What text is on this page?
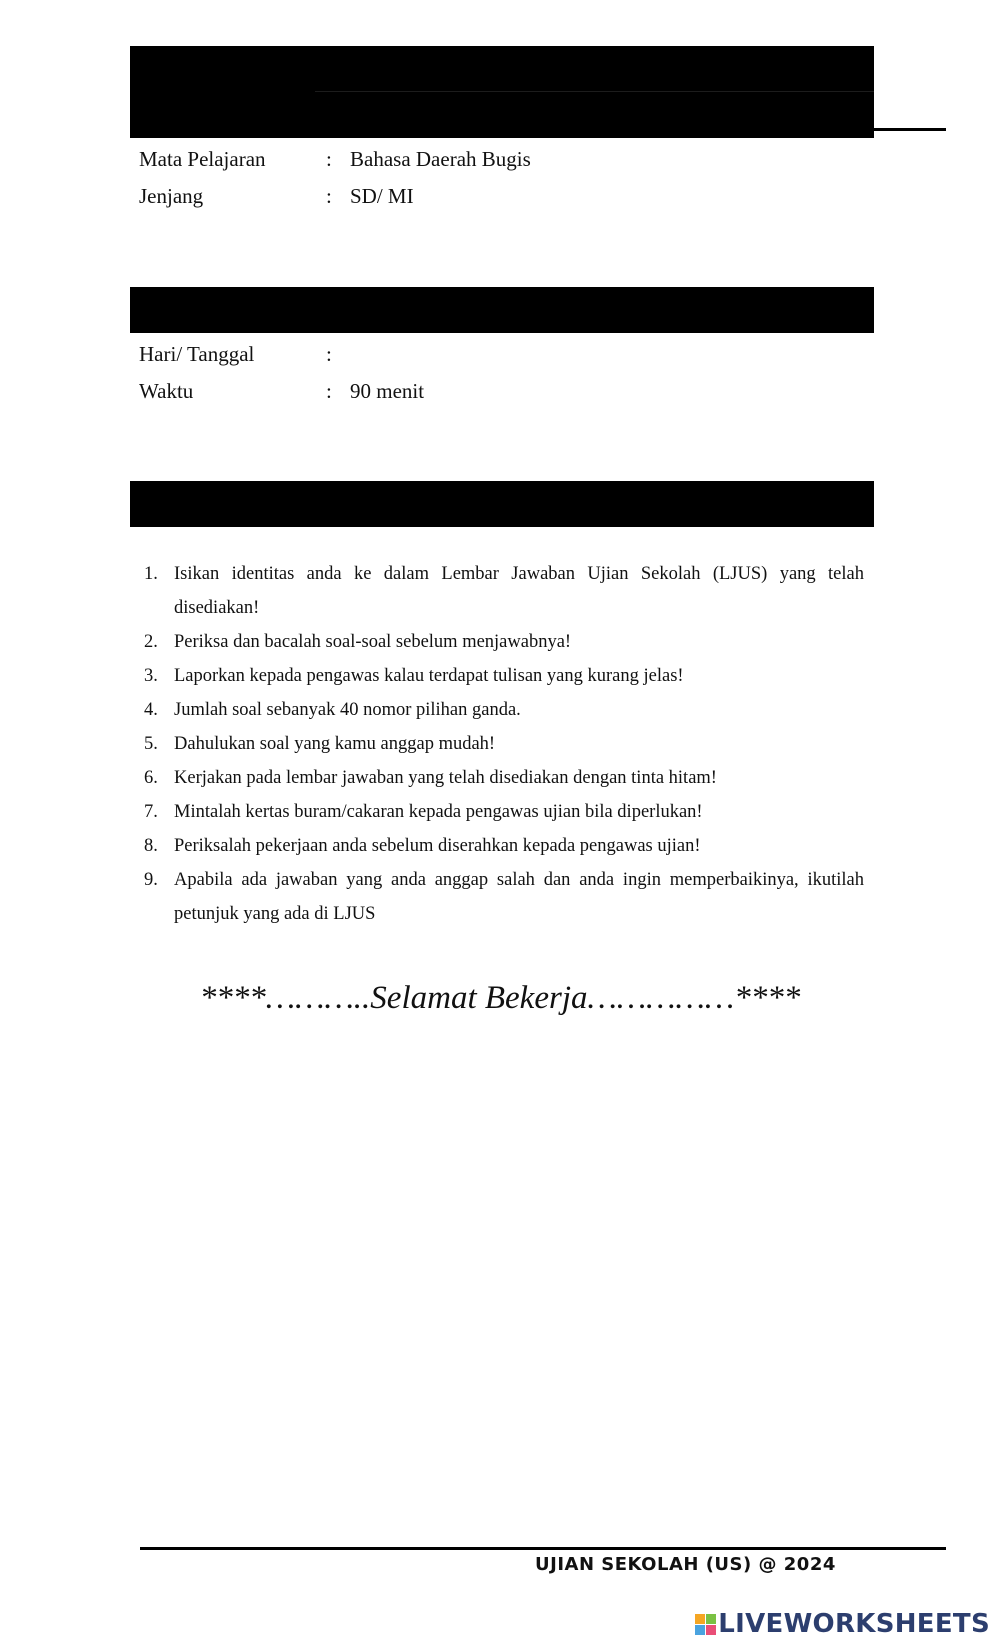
Mata Pelajaran	: Bahasa Daerah Bugis
Jenjang	: SD/ MI
Hari/ Tanggal	:
Waktu	: 90 menit
1. Isikan identitas anda ke dalam Lembar Jawaban Ujian Sekolah (LJUS) yang telah disediakan!
2. Periksa dan bacalah soal-soal sebelum menjawabnya!
3. Laporkan kepada pengawas kalau terdapat tulisan yang kurang jelas!
4. Jumlah soal sebanyak 40 nomor pilihan ganda.
5. Dahulukan soal yang kamu anggap mudah!
6. Kerjakan pada lembar jawaban yang telah disediakan dengan tinta hitam!
7. Mintalah kertas buram/cakaran kepada pengawas ujian bila diperlukan!
8. Periksalah pekerjaan anda sebelum diserahkan kepada pengawas ujian!
9. Apabila ada jawaban yang anda anggap salah dan anda ingin memperbaikinya, ikutilah petunjuk yang ada di LJUS
****………..Selamat Bekerja……………****
UJIAN SEKOLAH (US) @ 2024
LIVEWORKSHEETS
